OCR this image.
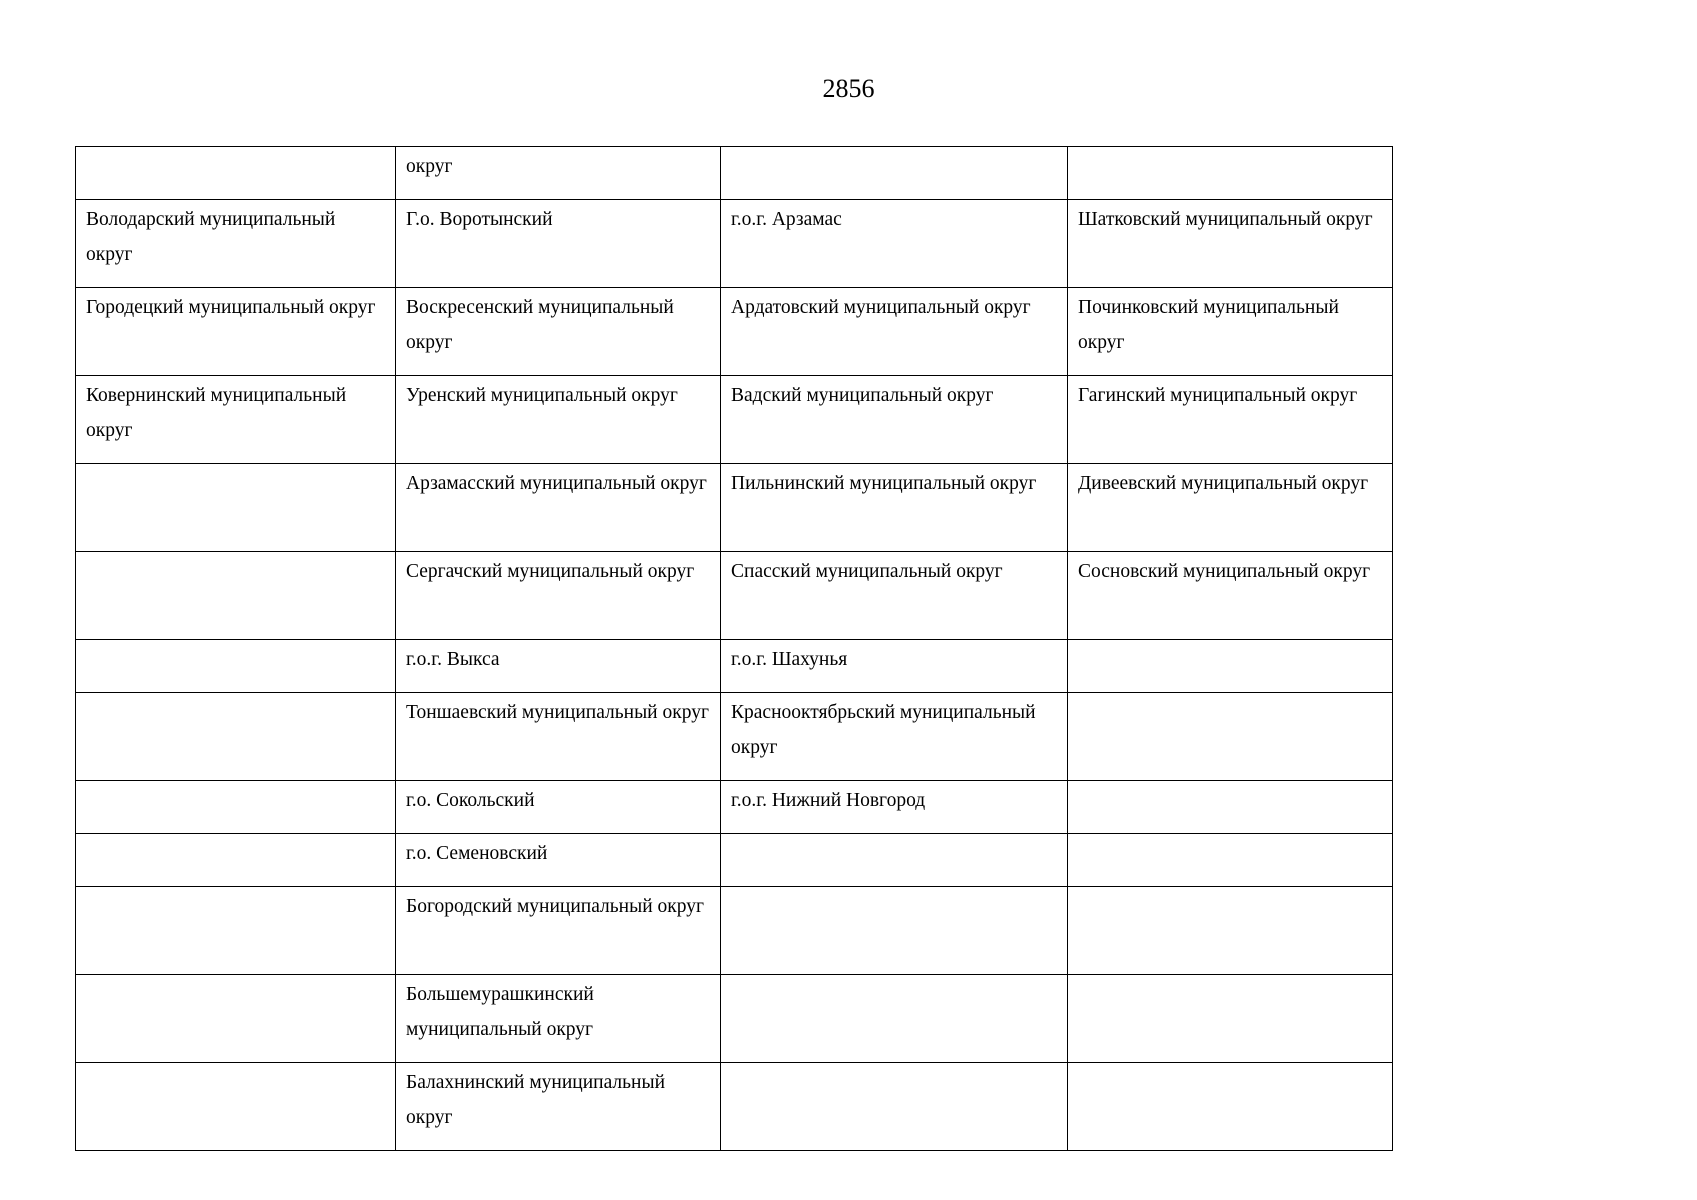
2856
	округ		
Володарский муниципальный округ	Г.о. Воротынский	г.о.г. Арзамас	Шатковский муниципальный округ
Городецкий муниципальный округ	Воскресенский муниципальный округ	Ардатовский муниципальный округ	Починковский муниципальный округ
Ковернинский муниципальный округ	Уренский муниципальный округ	Вадский муниципальный округ	Гагинский муниципальный округ
	Арзамасский муниципальный округ	Пильнинский муниципальный округ	Дивеевский муниципальный округ
	Сергачский муниципальный округ	Спасский муниципальный округ	Сосновский муниципальный округ
	г.о.г. Выкса	г.о.г. Шахунья	
	Тоншаевский муниципальный округ	Краснооктябрьский муниципальный округ	
	г.о. Сокольский	г.о.г. Нижний Новгород	
	г.о. Семеновский		
	Богородский муниципальный округ		
	Большемурашкинский муниципальный округ		
	Балахнинский муниципальный округ		
